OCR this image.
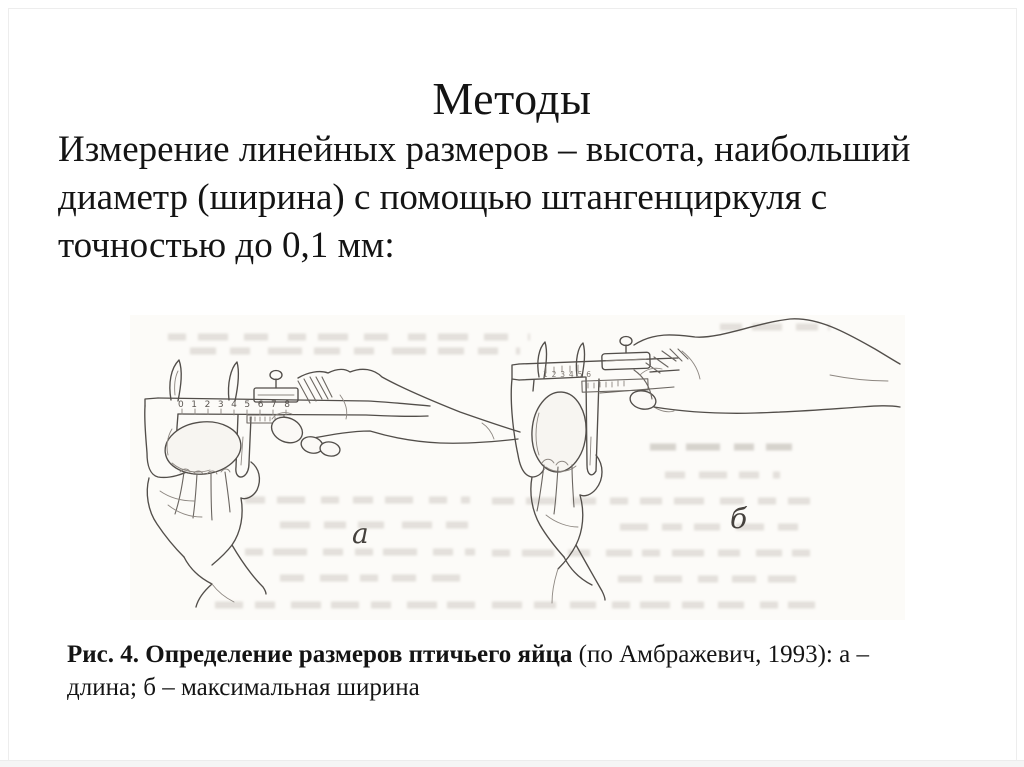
Методы
Измерение линейных размеров – высота, наибольший
диаметр (ширина) с помощью штангенциркуля с
точностью до 0,1 мм:
0 1 2 3 4 5 6 7 8
а
1 2 3 4 5 6
б
Рис. 4. Определение размеров птичьего яйца (по Амбражевич, 1993): а –
длина; б – максимальная ширина
